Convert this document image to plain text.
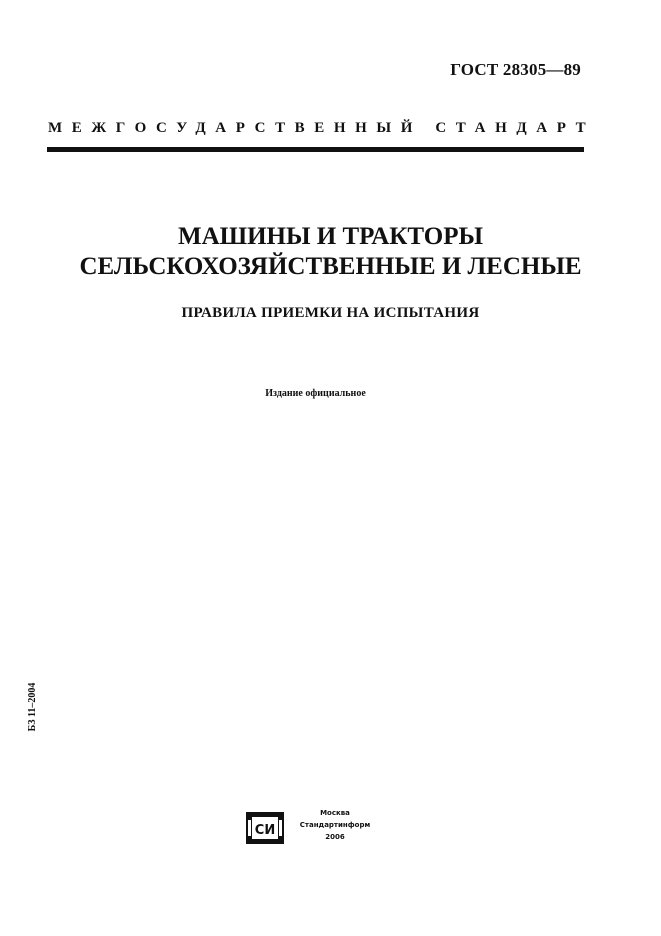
ГОСТ 28305—89
МЕЖГОСУДАРСТВЕННЫЙ СТАНДАРТ
МАШИНЫ И ТРАКТОРЫ
СЕЛЬСКОХОЗЯЙСТВЕННЫЕ И ЛЕСНЫЕ
ПРАВИЛА ПРИЕМКИ НА ИСПЫТАНИЯ
Издание официальное
БЗ 11–2004
СИ
Москва
Стандартинформ
2006
